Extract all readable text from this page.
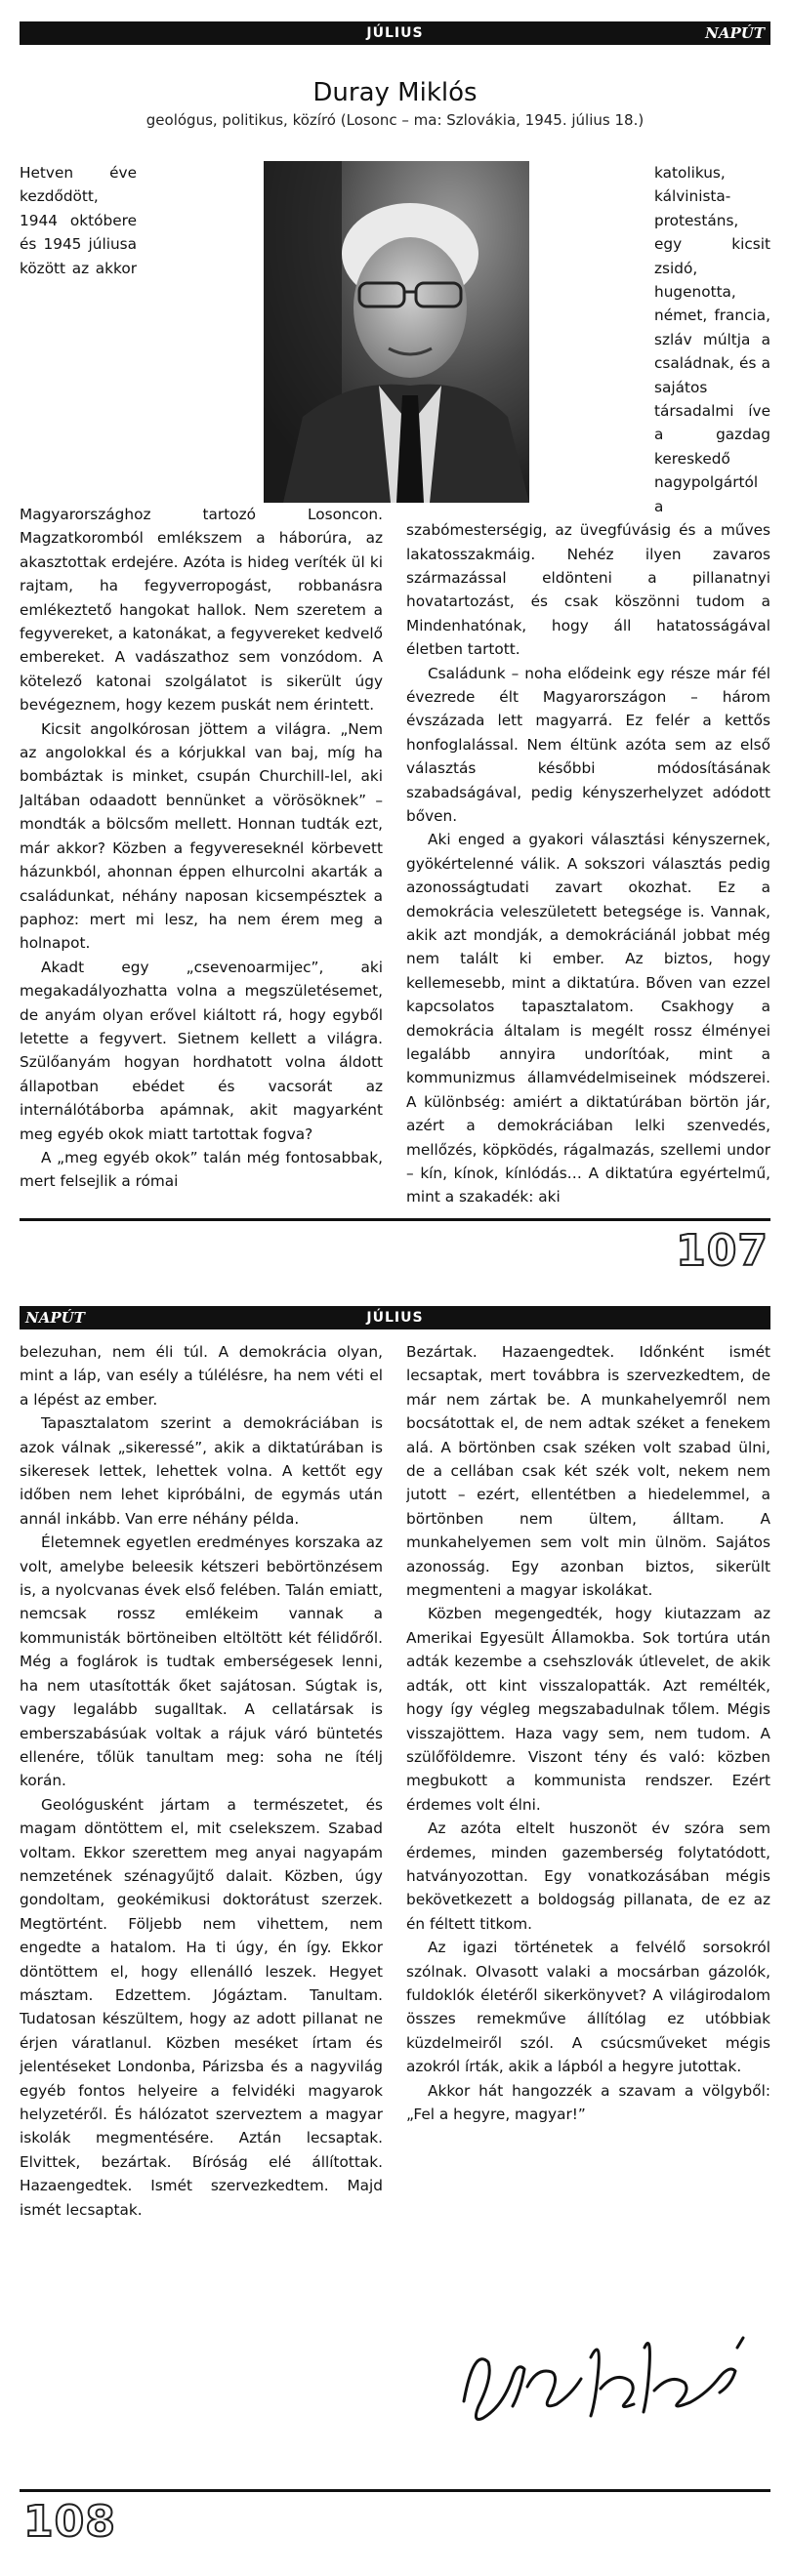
JÚLIUS	NAPÚT
Duray Miklós
geológus, politikus, közíró (Losonc – ma: Szlovákia, 1945. július 18.)

Hetven éve kezdődött, 1944 októbere és 1945 júliusa között az akkor Magyarországhoz tartozó Losoncon. Magzatkoromból emlékszem a háborúra, az akasztottak erdejére. Azóta is hideg veríték ül ki rajtam, ha fegyverropogást, robbanásra emlékeztető hangokat hallok. Nem szeretem a fegyvereket, a katonákat, a fegyvereket kedvelő embereket. A vadászathoz sem vonzódom. A kötelező katonai szolgálatot is sikerült úgy bevégeznem, hogy kezem puskát nem érintett.

Kicsit angolkórosan jöttem a világra. „Nem az angolokkal és a kórjukkal van baj, míg ha bombáztak is minket, csupán Churchill-lel, aki Jaltában odaadott bennünket a vörösöknek” – mondták a bölcsőm mellett. Honnan tudták ezt, már akkor? Közben a fegyvereseknél körbevett házunkból, ahonnan éppen elhurcolni akarták a családunkat, néhány naposan kicsempésztek a paphoz: mert mi lesz, ha nem érem meg a holnapot.

Akadt egy „csevenoarmijec”, aki megakadályozhatta volna a megszületésemet, de anyám olyan erővel kiáltott rá, hogy egyből letette a fegyvert. Sietnem kellett a világra. Szülőanyám hogyan hordhatott volna áldott állapotban ebédet és vacsorát az internálótáborba apámnak, akit magyarként meg egyéb okok miatt tartottak fogva?

A „meg egyéb okok” talán még fontosabbak, mert felsejlik a római

katolikus, kálvinista-protestáns, egy kicsit zsidó, hugenotta, német, francia, szláv múltja a családnak, és a sajátos társadalmi íve a gazdag kereskedő nagypolgártól a szabómesterségig, az üvegfúvásig és a műves lakatosszakmáig. Nehéz ilyen zavaros származással eldönteni a pillanatnyi hovatartozást, és csak köszönni tudom a Mindenhatónak, hogy áll hatatosságával életben tartott.

Családunk – noha elődeink egy része már fél évezrede élt Magyarországon – három évszázada lett magyarrá. Ez felér a kettős honfoglalással. Nem éltünk azóta sem az első választás későbbi módosításának szabadságával, pedig kényszerhelyzet adódott bőven.

Aki enged a gyakori választási kényszernek, gyökértelenné válik. A sokszori választás pedig azonosságtudati zavart okozhat. Ez a demokrácia veleszületett betegsége is. Vannak, akik azt mondják, a demokráciánál jobbat még nem talált ki ember. Az biztos, hogy kellemesebb, mint a diktatúra. Bőven van ezzel kapcsolatos tapasztalatom. Csakhogy a demokrácia általam is megélt rossz élményei legalább annyira undorítóak, mint a kommunizmus államvédelmiseinek módszerei. A különbség: amiért a diktatúrában börtön jár, azért a demokráciában lelki szenvedés, mellőzés, köpködés, rágalmazás, szellemi undor – kín, kínok, kínlódás… A diktatúra egyértelmű, mint a szakadék: aki

107
NAPÚT	JÚLIUS

belezuhan, nem éli túl. A demokrácia olyan, mint a láp, van esély a túlélésre, ha nem véti el a lépést az ember.

Tapasztalatom szerint a demokráciában is azok válnak „sikeressé”, akik a diktatúrában is sikeresek lettek, lehettek volna. A kettőt egy időben nem lehet kipróbálni, de egymás után annál inkább. Van erre néhány példa.

Életemnek egyetlen eredményes korszaka az volt, amelybe beleesik kétszeri bebörtönzésem is, a nyolcvanas évek első felében. Talán emiatt, nemcsak rossz emlékeim vannak a kommunisták börtöneiben eltöltött két félidőről. Még a foglárok is tudtak emberségesek lenni, ha nem utasították őket sajátosan. Súgtak is, vagy legalább sugalltak. A cellatársak is emberszabásúak voltak a rájuk váró büntetés ellenére, tőlük tanultam meg: soha ne ítélj korán.

Geológusként jártam a természetet, és magam döntöttem el, mit cselekszem. Szabad voltam. Ekkor szerettem meg anyai nagyapám nemzetének szénagyűjtő dalait. Közben, úgy gondoltam, geokémikusi doktorátust szerzek. Megtörtént. Följebb nem vihettem, nem engedte a hatalom. Ha ti úgy, én így. Ekkor döntöttem el, hogy ellenálló leszek. Hegyet másztam. Edzettem. Jógáztam. Tanultam. Tudatosan készültem, hogy az adott pillanat ne érjen váratlanul. Közben meséket írtam és jelentéseket Londonba, Párizsba és a nagyvilág egyéb fontos helyeire a felvidéki magyarok helyzetéről. És hálózatot szerveztem a magyar iskolák megmentésére. Aztán lecsaptak. Elvittek, bezártak. Bíróság elé állítottak. Hazaengedtek. Ismét szervezkedtem. Majd ismét lecsaptak.

Bezártak. Hazaengedtek. Időnként ismét lecsaptak, mert továbbra is szervezkedtem, de már nem zártak be. A munkahelyemről nem bocsátottak el, de nem adtak széket a fenekem alá. A börtönben csak széken volt szabad ülni, de a cellában csak két szék volt, nekem nem jutott – ezért, ellentétben a hiedelemmel, a börtönben nem ültem, álltam. A munkahelyemen sem volt min ülnöm. Sajátos azonosság. Egy azonban biztos, sikerült megmenteni a magyar iskolákat.

Közben megengedték, hogy kiutazzam az Amerikai Egyesült Államokba. Sok tortúra után adták kezembe a csehszlovák útlevelet, de akik adták, ott kint visszalopatták. Azt remélték, hogy így végleg megszabadulnak tőlem. Mégis visszajöttem. Haza vagy sem, nem tudom. A szülőföldemre. Viszont tény és való: közben megbukott a kommunista rendszer. Ezért érdemes volt élni.

Az azóta eltelt huszonöt év szóra sem érdemes, minden gazemberség folytatódott, hatványozottan. Egy vonatkozásában mégis bekövetkezett a boldogság pillanata, de ez az én féltett titkom.

Az igazi történetek a felvélő sorsokról szólnak. Olvasott valaki a mocsárban gázolók, fuldoklók életéről sikerkönyvet? A világirodalom összes remekműve állítólag ez utóbbiak küzdelmeiről szól. A csúcsműveket mégis azokról írták, akik a lápból a hegyre jutottak.

Akkor hát hangozzék a szavam a völgyből: „Fel a hegyre, magyar!”

108
